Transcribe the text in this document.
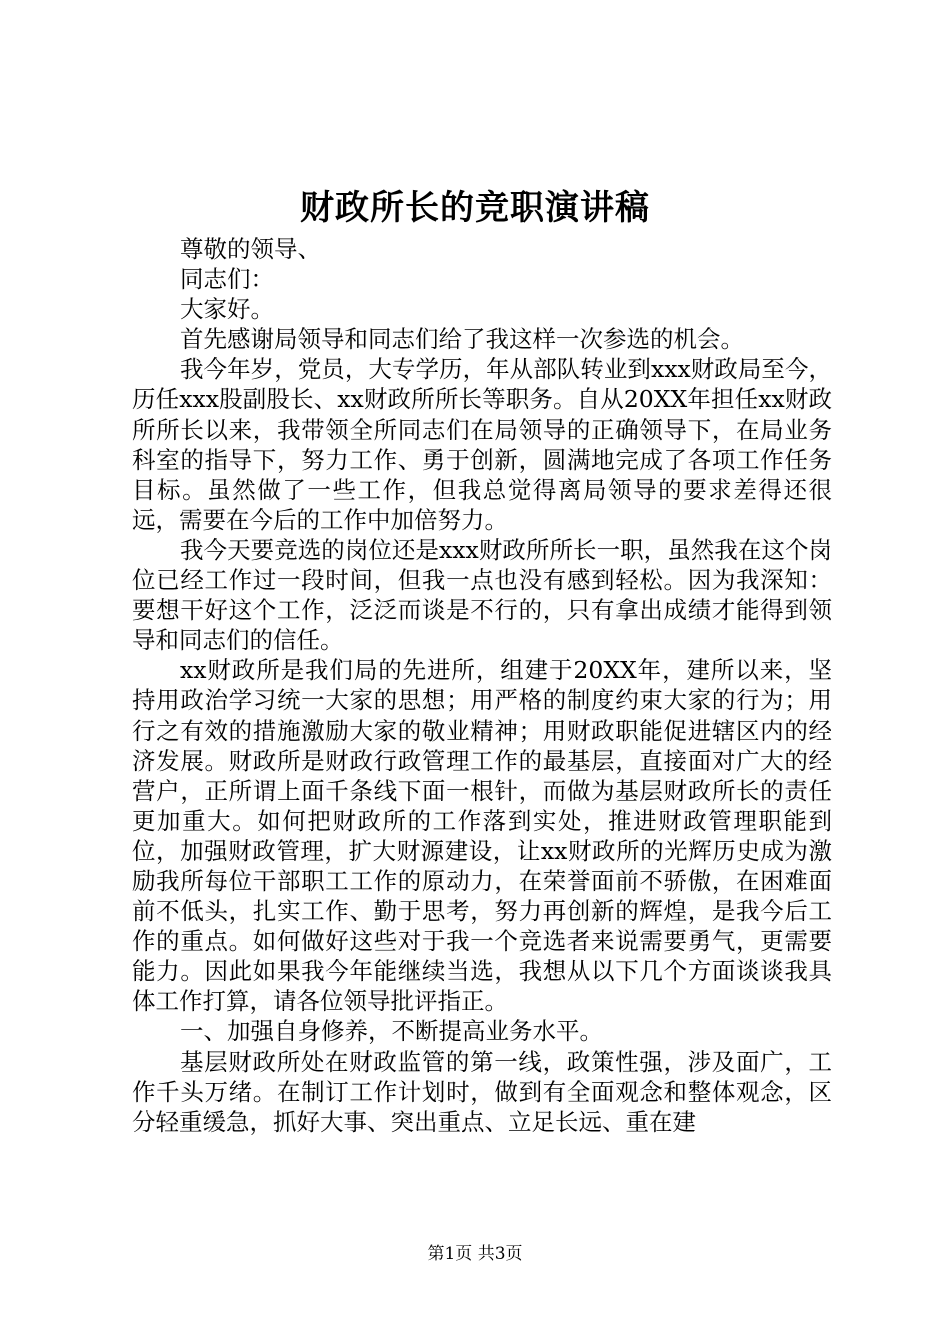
财政所长的竞职演讲稿

尊敬的领导、

同志们：

大家好。

首先感谢局领导和同志们给了我这样一次参选的机会。

我今年岁，党员，大专学历，年从部队转业到xxx财政局至今，历任xxx股副股长、xx财政所所长等职务。自从20XX年担任xx财政所所长以来，我带领全所同志们在局领导的正确领导下，在局业务科室的指导下，努力工作、勇于创新，圆满地完成了各项工作任务目标。虽然做了一些工作，但我总觉得离局领导的要求差得还很远，需要在今后的工作中加倍努力。

我今天要竞选的岗位还是xxx财政所所长一职，虽然我在这个岗位已经工作过一段时间，但我一点也没有感到轻松。因为我深知：要想干好这个工作，泛泛而谈是不行的，只有拿出成绩才能得到领导和同志们的信任。

xx财政所是我们局的先进所，组建于20XX年，建所以来，坚持用政治学习统一大家的思想；用严格的制度约束大家的行为；用行之有效的措施激励大家的敬业精神；用财政职能促进辖区内的经济发展。财政所是财政行政管理工作的最基层，直接面对广大的经营户，正所谓上面千条线下面一根针，而做为基层财政所长的责任更加重大。如何把财政所的工作落到实处，推进财政管理职能到位，加强财政管理，扩大财源建设，让xx财政所的光辉历史成为激励我所每位干部职工工作的原动力，在荣誉面前不骄傲，在困难面前不低头，扎实工作、勤于思考，努力再创新的辉煌，是我今后工作的重点。如何做好这些对于我一个竞选者来说需要勇气，更需要能力。因此如果我今年能继续当选，我想从以下几个方面谈谈我具体工作打算，请各位领导批评指正。

一、加强自身修养，不断提高业务水平。

基层财政所处在财政监管的第一线，政策性强，涉及面广，工作千头万绪。在制订工作计划时，做到有全面观念和整体观念，区分轻重缓急，抓好大事、突出重点、立足长远、重在建

第1页 共3页
